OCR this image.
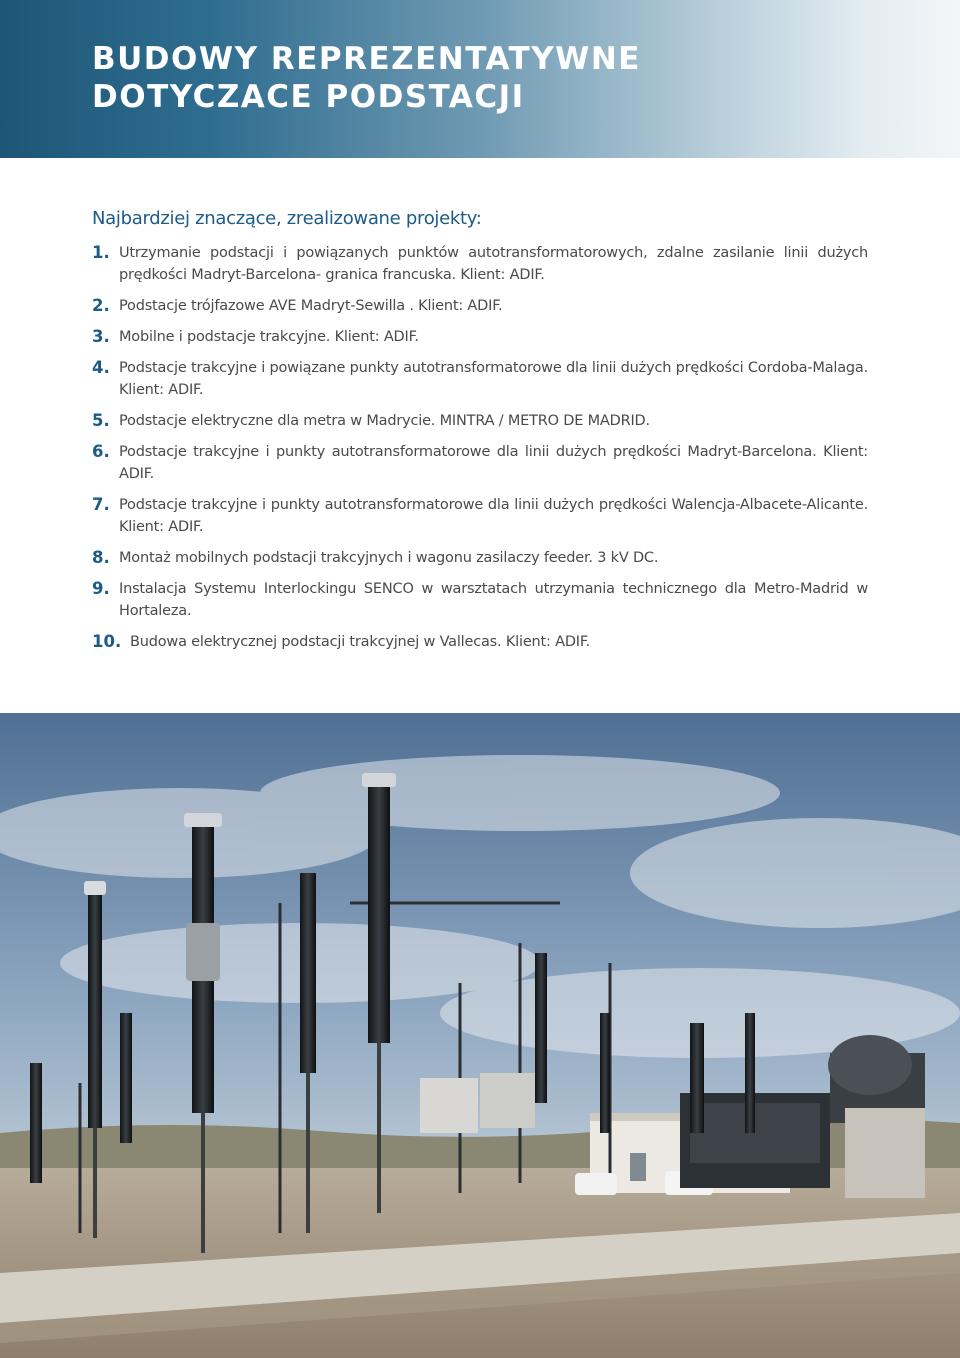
BUDOWY REPREZENTATYWNE
DOTYCZACE PODSTACJI

Najbardziej znaczące, zrealizowane projekty:

1. Utrzymanie podstacji i powiązanych punktów autotransformatorowych, zdalne zasilanie linii dużych prędkości Madryt-Barcelona- granica francuska. Klient: ADIF.
2. Podstacje trójfazowe AVE Madryt-Sewilla . Klient: ADIF.
3. Mobilne i podstacje trakcyjne. Klient: ADIF.
4. Podstacje trakcyjne i powiązane punkty autotransformatorowe dla linii dużych prędkości Cordoba-Malaga. Klient: ADIF.
5. Podstacje elektryczne dla metra w Madrycie. MINTRA / METRO DE MADRID.
6. Podstacje trakcyjne i punkty autotransformatorowe dla linii dużych prędkości Madryt-Barcelona. Klient: ADIF.
7. Podstacje trakcyjne i punkty autotransformatorowe dla linii dużych prędkości Walencja-Albacete-Alicante. Klient: ADIF.
8. Montaż mobilnych podstacji trakcyjnych i wagonu zasilaczy feeder. 3 kV DC.
9. Instalacja Systemu Interlockingu SENCO w warsztatach utrzymania technicznego dla Metro-Madrid w Hortaleza.
10. Budowa elektrycznej podstacji trakcyjnej w Vallecas. Klient: ADIF.
